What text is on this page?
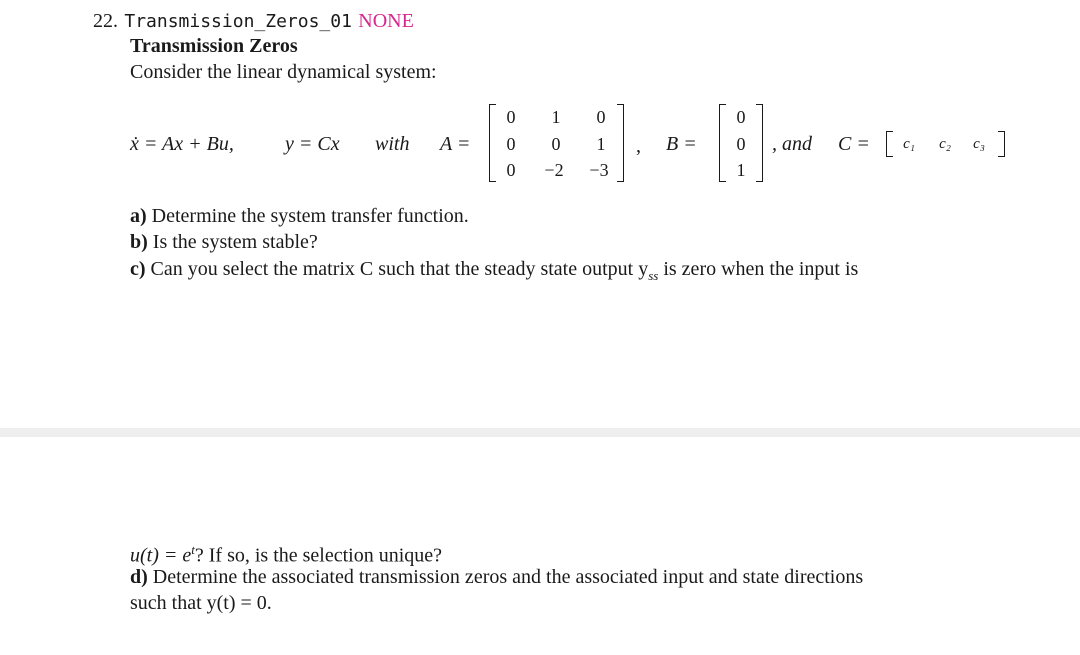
22. Transmission_Zeros_01 NONE
Transmission Zeros
Consider the linear dynamical system:
ẋ = Ax + Bu,	y = Cx with A =
0	1	0
0	0	1
0	−2	−3
, B =
0
0
1
, and C =	c₁	c₂	c₃
a) Determine the system transfer function.
b) Is the system stable?
c) Can you select the matrix C such that the steady state output $y_{ss}$ is zero when the input is
$u(t) = e^t$? If so, is the selection unique?
d) Determine the associated transmission zeros and the associated input and state directions
such that y(t) = 0.
